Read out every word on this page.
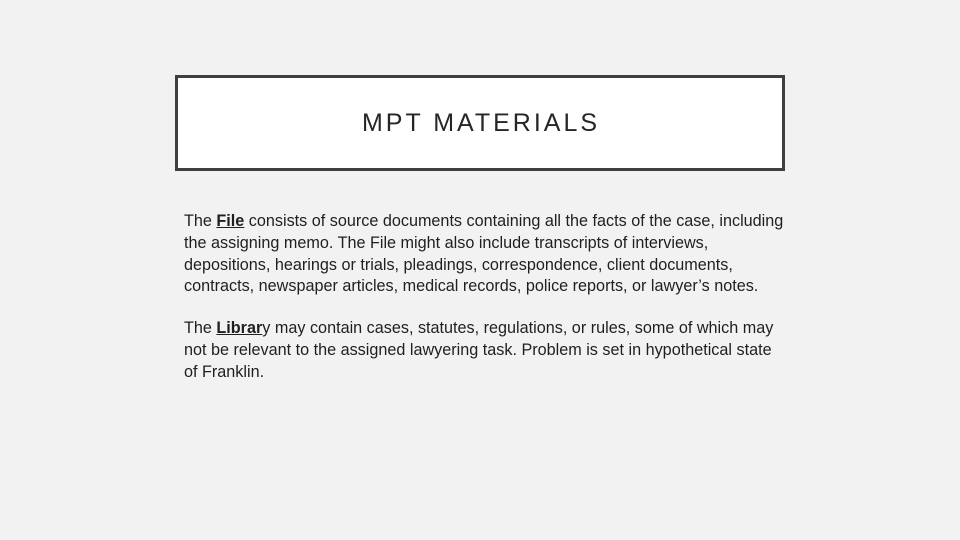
MPT MATERIALS

The File consists of source documents containing all the facts of the case, including the assigning memo. The File might also include transcripts of interviews, depositions, hearings or trials, pleadings, correspondence, client documents, contracts, newspaper articles, medical records, police reports, or lawyer’s notes.

The Library may contain cases, statutes, regulations, or rules, some of which may not be relevant to the assigned lawyering task. Problem is set in hypothetical state of Franklin.
